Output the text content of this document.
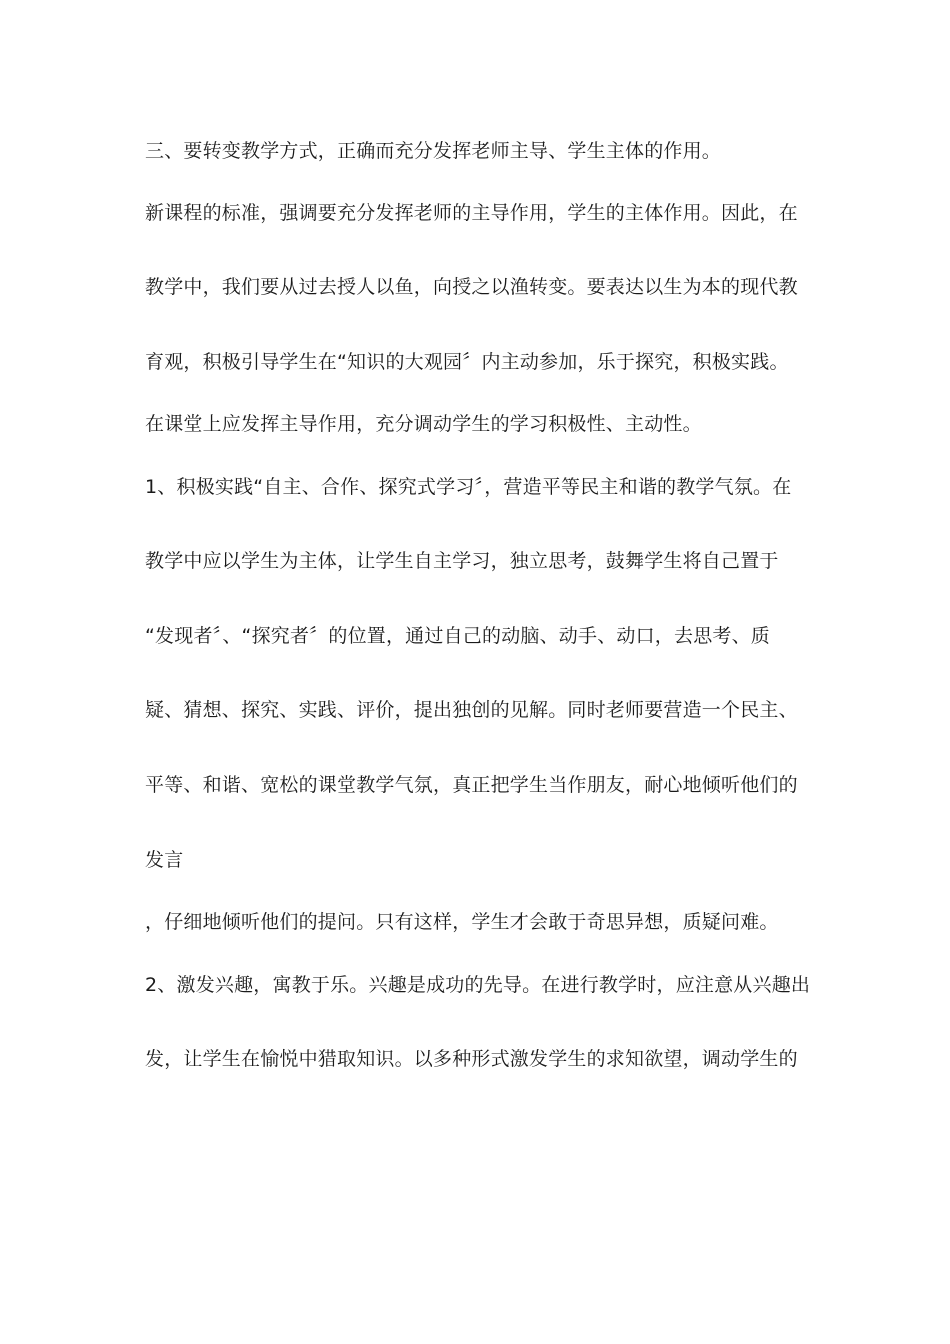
三、要转变教学方式，正确而充分发挥老师主导、学生主体的作用。
新课程的标准，强调要充分发挥老师的主导作用，学生的主体作用。因此，在
教学中，我们要从过去授人以鱼，向授之以渔转变。要表达以生为本的现代教
育观，积极引导学生在“知识的大观园〞内主动参加，乐于探究，积极实践。
在课堂上应发挥主导作用，充分调动学生的学习积极性、主动性。
1、积极实践“自主、合作、探究式学习〞，营造平等民主和谐的教学气氛。在
教学中应以学生为主体，让学生自主学习，独立思考，鼓舞学生将自己置于
“发现者〞、“探究者〞的位置，通过自己的动脑、动手、动口，去思考、质
疑、猜想、探究、实践、评价，提出独创的见解。同时老师要营造一个民主、
平等、和谐、宽松的课堂教学气氛，真正把学生当作朋友，耐心地倾听他们的
发言
，仔细地倾听他们的提问。只有这样，学生才会敢于奇思异想，质疑问难。
2、激发兴趣，寓教于乐。兴趣是成功的先导。在进行教学时，应注意从兴趣出
发，让学生在愉悦中猎取知识。以多种形式激发学生的求知欲望，调动学生的
